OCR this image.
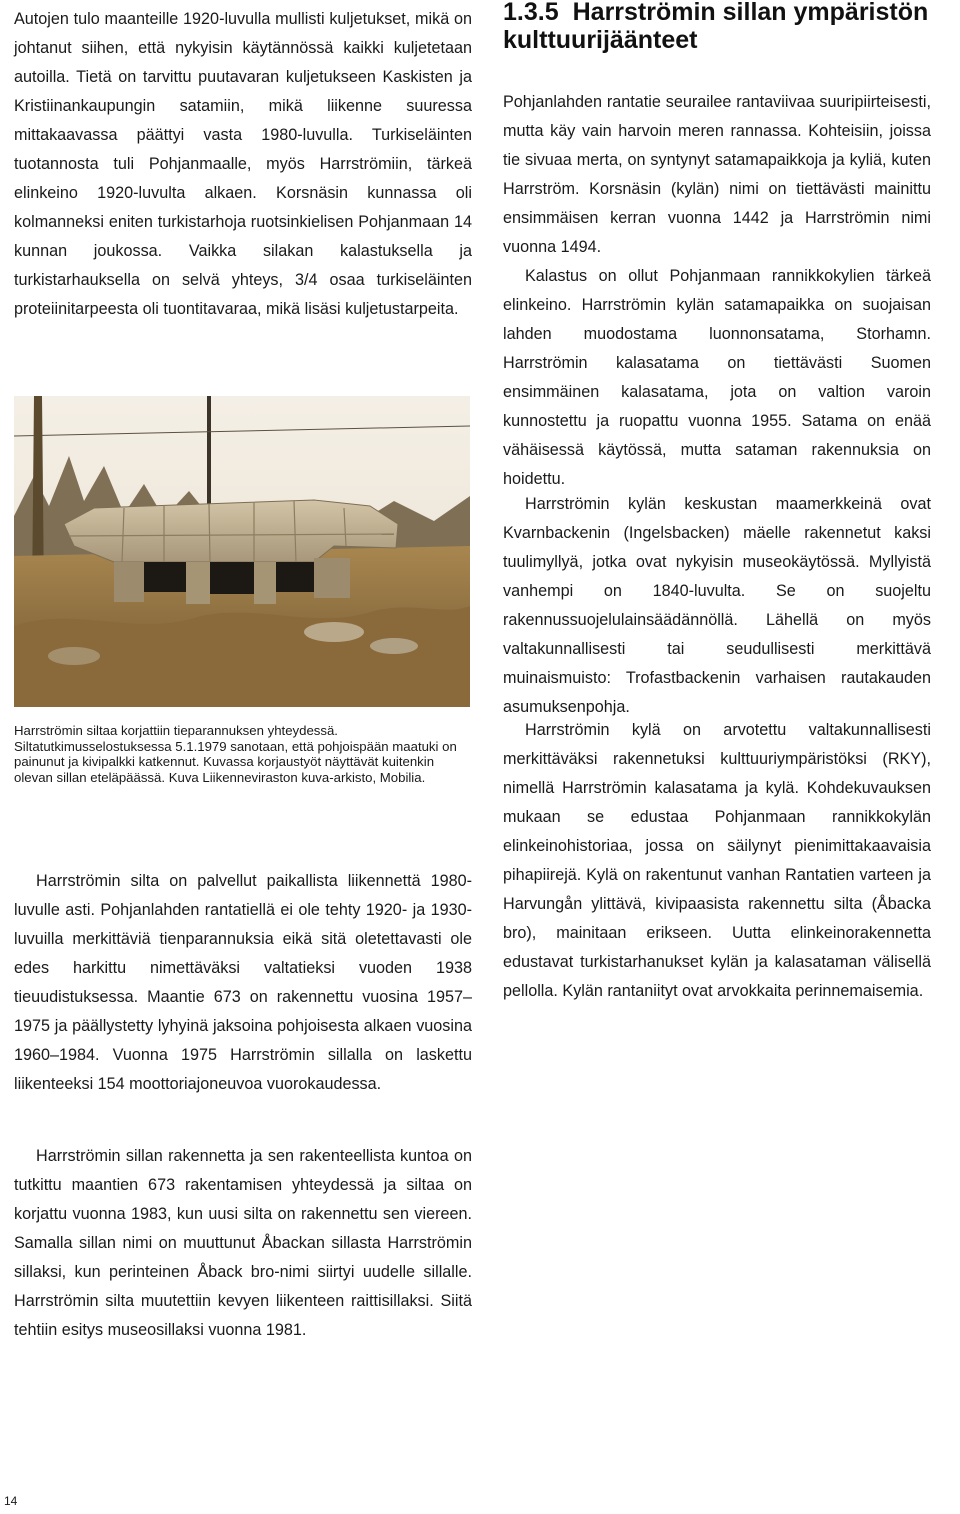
Autojen tulo maanteille 1920-luvulla mullisti kuljetukset, mikä on johtanut siihen, että nykyisin käytännössä kaikki kuljetetaan autoilla. Tietä on tarvittu puutavaran kuljetukseen Kaskisten ja Kristiinankaupungin satamiin, mikä liikenne suuressa mittakaavassa päättyi vasta 1980-luvulla. Turkiseläinten tuotannosta tuli Pohjanmaalle, myös Harrströmiin, tärkeä elinkeino 1920-luvulta alkaen. Korsnäsin kunnassa oli kolmanneksi eniten turkistarhoja ruotsinkielisen Pohjanmaan 14 kunnan joukossa. Vaikka silakan kalastuksella ja turkistarhauksella on selvä yhteys, 3/4 osaa turkiseläinten proteiinitarpeesta oli tuontitavaraa, mikä lisäsi kuljetustarpeita.

Harrströmin siltaa korjattiin tieparannuksen yhteydessä. Siltatutkimusselostuksessa 5.1.1979 sanotaan, että pohjoispään maatuki on painunut ja kivipalkki katkennut. Kuvassa korjaustyöt näyttävät kuitenkin olevan sillan eteläpäässä. Kuva Liikenneviraston kuva-arkisto, Mobilia.

Harrströmin silta on palvellut paikallista liikennettä 1980-luvulle asti. Pohjanlahden rantatiellä ei ole tehty 1920- ja 1930-luvuilla merkittäviä tienparannuksia eikä sitä oletettavasti ole edes harkittu nimettäväksi valtatieksi vuoden 1938 tieuudistuksessa. Maantie 673 on rakennettu vuosina 1957–1975 ja päällystetty lyhyinä jaksoina pohjoisesta alkaen vuosina 1960–1984. Vuonna 1975 Harrströmin sillalla on laskettu liikenteeksi 154 moottoriajoneuvoa vuorokaudessa.

Harrströmin sillan rakennetta ja sen rakenteellista kuntoa on tutkittu maantien 673 rakentamisen yhteydessä ja siltaa on korjattu vuonna 1983, kun uusi silta on rakennettu sen viereen. Samalla sillan nimi on muuttunut Åbackan sillasta Harrströmin sillaksi, kun perinteinen Åback bro-nimi siirtyi uudelle sillalle. Harrströmin silta muutettiin kevyen liikenteen raittisillaksi. Siitä tehtiin esitys museosillaksi vuonna 1981.

1.3.5 Harrströmin sillan ympäristön kulttuurijäänteet

Pohjanlahden rantatie seurailee rantaviivaa suuripiirteisesti, mutta käy vain harvoin meren rannassa. Kohteisiin, joissa tie sivuaa merta, on syntynyt satamapaikkoja ja kyliä, kuten Harrström. Korsnäsin (kylän) nimi on tiettävästi mainittu ensimmäisen kerran vuonna 1442 ja Harrströmin nimi vuonna 1494.

Kalastus on ollut Pohjanmaan rannikkokylien tärkeä elinkeino. Harrströmin kylän satamapaikka on suojaisan lahden muodostama luonnonsatama, Storhamn. Harrströmin kalasatama on tiettävästi Suomen ensimmäinen kalasatama, jota on valtion varoin kunnostettu ja ruopattu vuonna 1955. Satama on enää vähäisessä käytössä, mutta sataman rakennuksia on hoidettu.

Harrströmin kylän keskustan maamerkkeinä ovat Kvarnbackenin (Ingelsbacken) mäelle rakennetut kaksi tuulimyllyä, jotka ovat nykyisin museokäytössä. Myllyistä vanhempi on 1840-luvulta. Se on suojeltu rakennussuojelulainsäädännöllä. Lähellä on myös valtakunnallisesti tai seudullisesti merkittävä muinaismuisto: Trofastbackenin varhaisen rautakauden asumuksenpohja.

Harrströmin kylä on arvotettu valtakunnallisesti merkittäväksi rakennetuksi kulttuuriympäristöksi (RKY), nimellä Harrströmin kalasatama ja kylä. Kohdekuvauksen mukaan se edustaa Pohjanmaan rannikkokylän elinkeinohistoriaa, jossa on säilynyt pienimittakaavaisia pihapiirejä. Kylä on rakentunut vanhan Rantatien varteen ja Harvungån ylittävä, kivipaasista rakennettu silta (Åbacka bro), mainitaan erikseen. Uutta elinkeinorakennetta edustavat turkistarhanukset kylän ja kalasataman välisellä pellolla. Kylän rantaniityt ovat arvokkaita perinnemaisemia.

14
